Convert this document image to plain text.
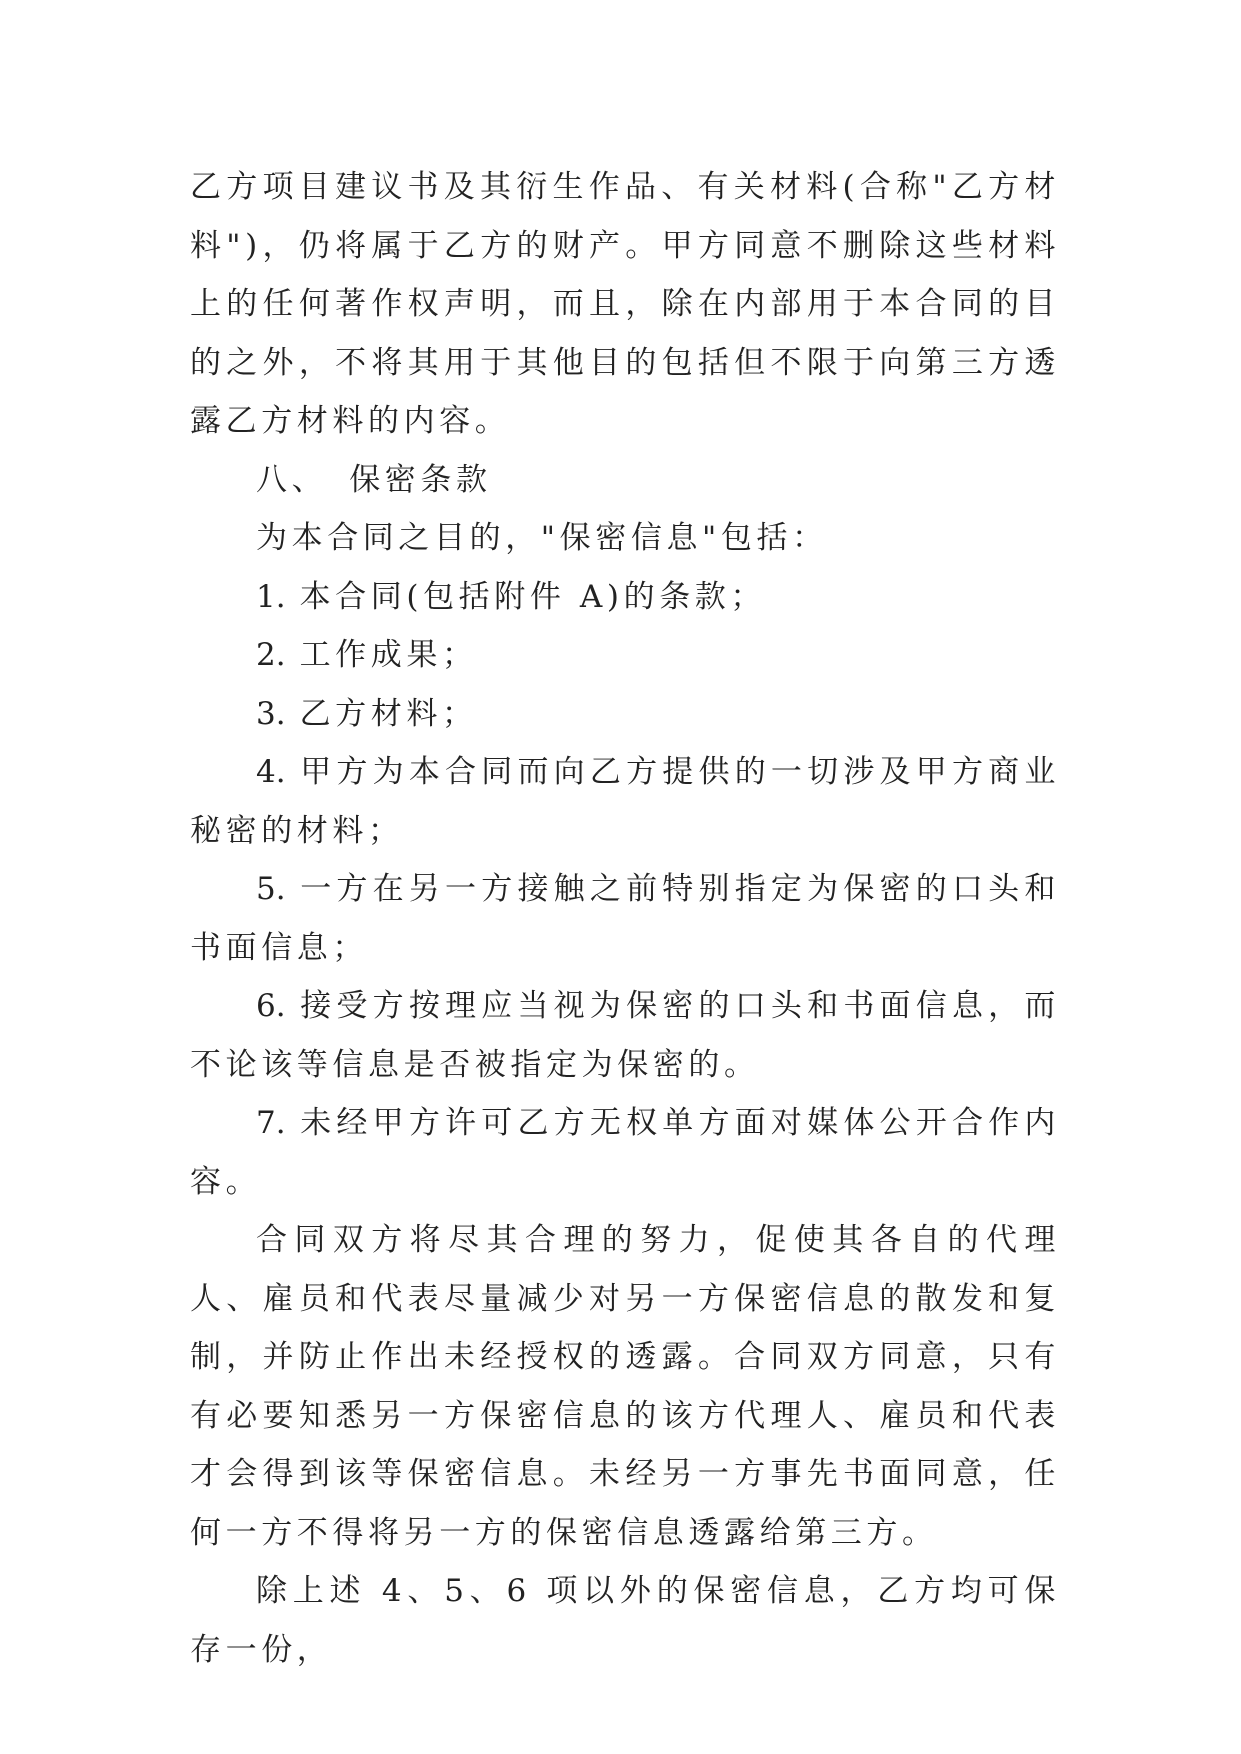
乙方项目建议书及其衍生作品、有关材料(合称"乙方材料")，仍将属于乙方的财产。甲方同意不删除这些材料上的任何著作权声明，而且，除在内部用于本合同的目的之外，不将其用于其他目的包括但不限于向第三方透露乙方材料的内容。

八、 保密条款

为本合同之目的，"保密信息"包括：

1. 本合同(包括附件 A)的条款；

2. 工作成果；

3. 乙方材料；

4. 甲方为本合同而向乙方提供的一切涉及甲方商业秘密的材料；

5. 一方在另一方接触之前特别指定为保密的口头和书面信息；

6. 接受方按理应当视为保密的口头和书面信息，而不论该等信息是否被指定为保密的。

7. 未经甲方许可乙方无权单方面对媒体公开合作内容。

合同双方将尽其合理的努力，促使其各自的代理人、雇员和代表尽量减少对另一方保密信息的散发和复制，并防止作出未经授权的透露。合同双方同意，只有有必要知悉另一方保密信息的该方代理人、雇员和代表才会得到该等保密信息。未经另一方事先书面同意，任何一方不得将另一方的保密信息透露给第三方。

除上述 4、5、6 项以外的保密信息，乙方均可保存一份，
